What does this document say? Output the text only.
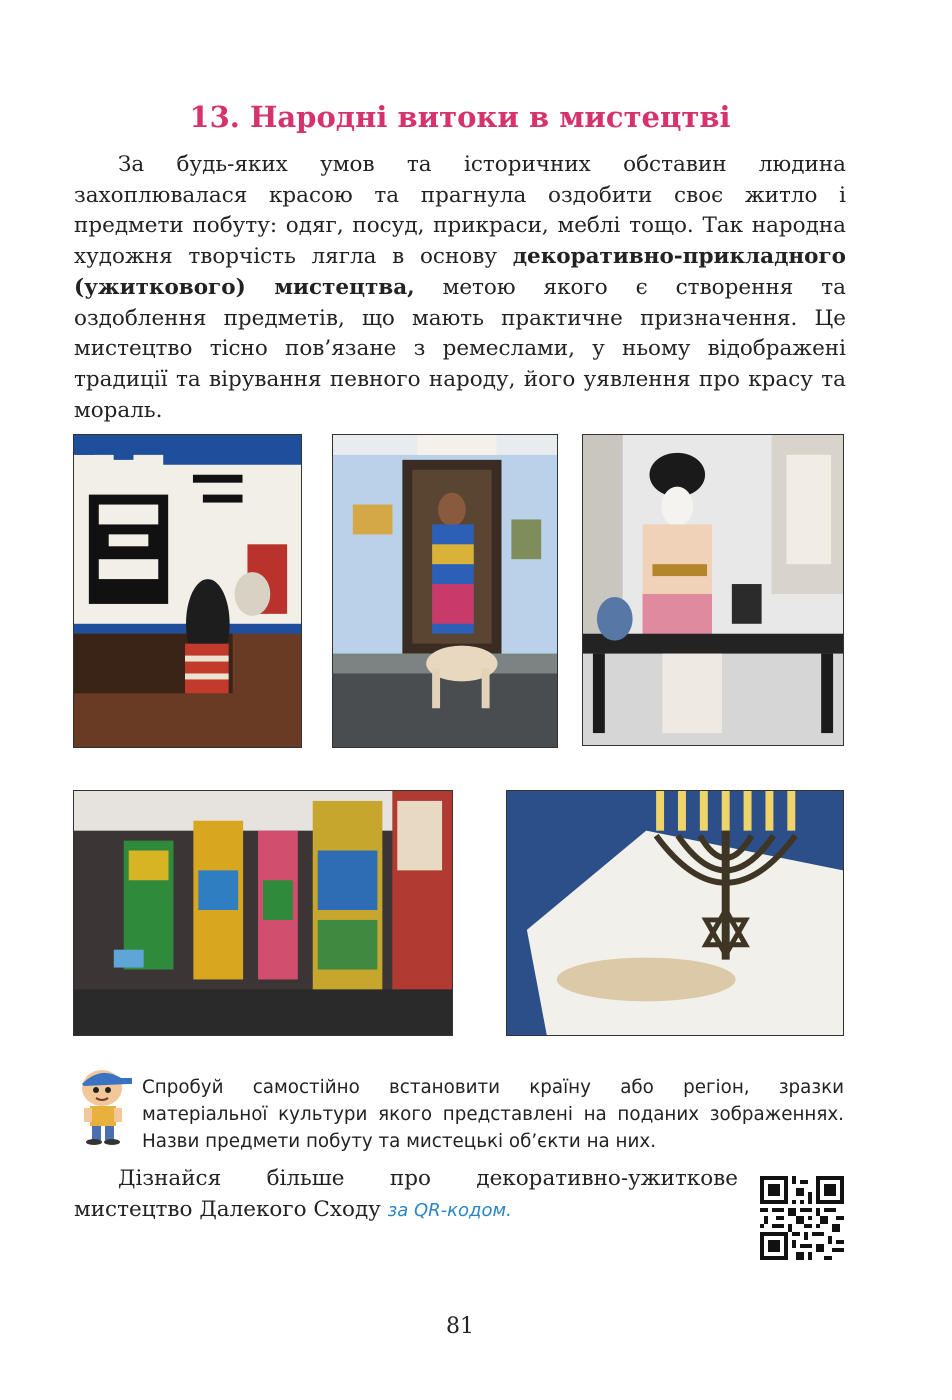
13. Народні витоки в мистецтві
За будь-яких умов та історичних обставин людина захоплювалася красою та прагнула оздобити своє житло і предмети побуту: одяг, посуд, прикраси, меблі тощо. Так народна художня творчість лягла в основу декоративно-прикладного (ужиткового) мистецтва, метою якого є створення та оздоблення предметів, що мають практичне призначення. Це мистецтво тісно пов’язане з ремеслами, у ньому відображені традиції та вірування певного народу, його уявлення про красу та мораль.
Спробуй самостійно встановити країну або регіон, зразки
матеріальної культури якого представлені на поданих зображеннях.
Назви предмети побуту та мистецькі об’єкти на них.
Дізнайся більше про декоративно-ужиткове
мистецтво Далекого Сходу за QR-кодом.
81
